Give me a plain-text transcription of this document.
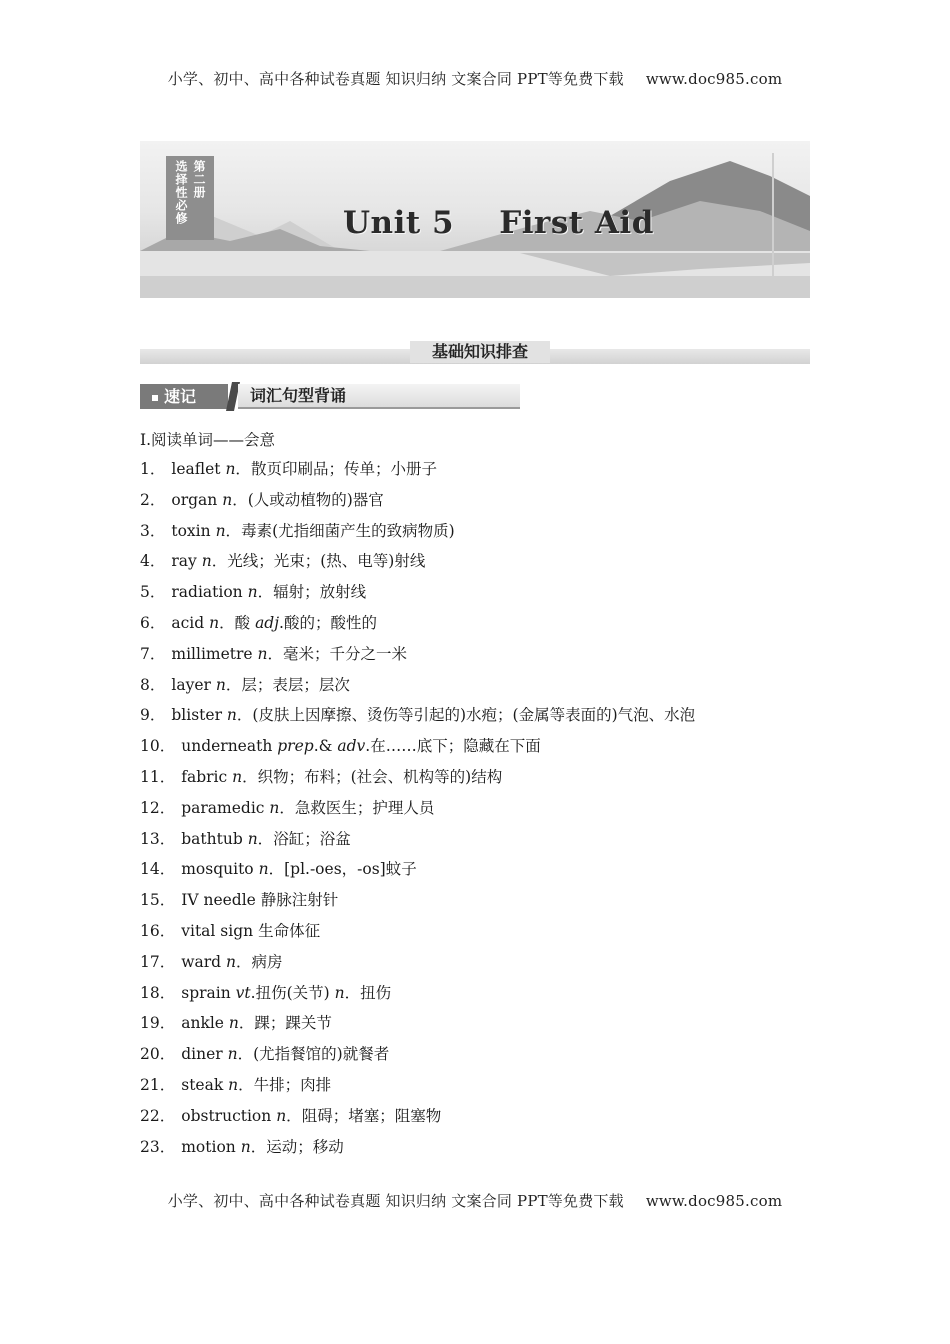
小学、初中、高中各种试卷真题 知识归纳 文案合同 PPT等免费下载 www.doc985.com
第二册
选择性必修	Unit 5    First Aid
基础知识排查
速记	词汇句型背诵
Ⅰ.阅读单词——会意
1． leaflet n．散页印刷品；传单；小册子
2． organ n．(人或动植物的)器官
3． toxin n．毒素(尤指细菌产生的致病物质)
4． ray n．光线；光束；(热、电等)射线
5． radiation n．辐射；放射线
6． acid n．酸 adj.酸的；酸性的
7． millimetre n．毫米；千分之一米
8． layer n．层；表层；层次
9． blister n．(皮肤上因摩擦、烫伤等引起的)水疱；(金属等表面的)气泡、水泡
10． underneath prep.& adv.在……底下；隐藏在下面
11． fabric n．织物；布料；(社会、机构等的)结构
12． paramedic n．急救医生；护理人员
13． bathtub n．浴缸；浴盆
14． mosquito n．[pl.-oes，-os]蚊子
15． IV needle 静脉注射针
16． vital sign 生命体征
17． ward n．病房
18． sprain vt.扭伤(关节) n．扭伤
19． ankle n．踝；踝关节
20． diner n．(尤指餐馆的)就餐者
21． steak n．牛排；肉排
22． obstruction n．阻碍；堵塞；阻塞物
23． motion n．运动；移动
小学、初中、高中各种试卷真题 知识归纳 文案合同 PPT等免费下载 www.doc985.com
